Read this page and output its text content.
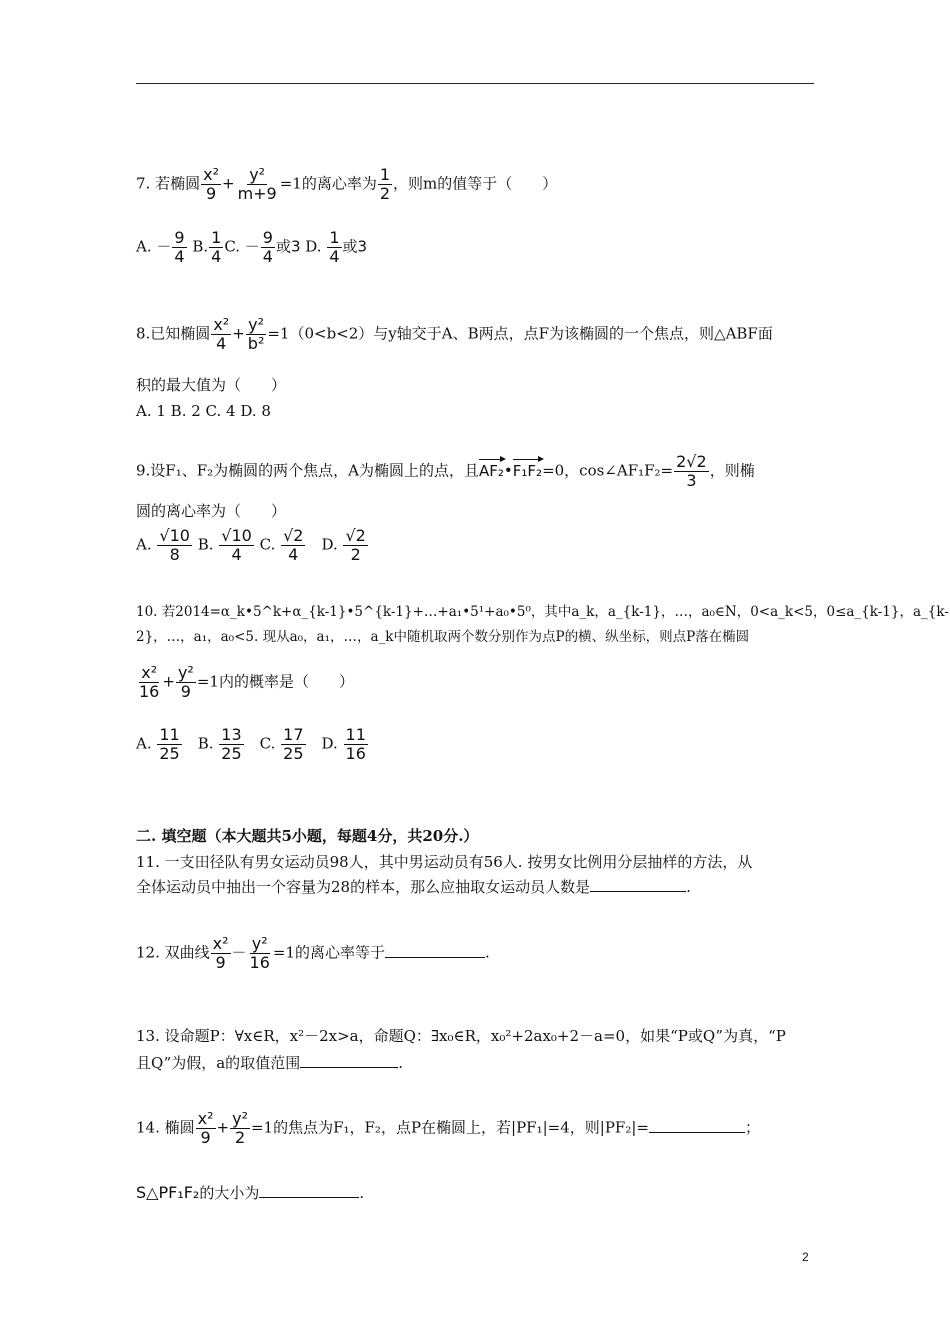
7. 若椭圆 $\frac{\text{x²}}{9} + \frac{\text{y²}}{m+9} =1$的离心率为 $\frac{1}{2}$ ，则m的值等于（　　）
A. － $\frac{9}{4} B$. $\frac{1}{4} C$. － $\frac{9}{4}$ 或3 D. $\frac{1}{4}$ 或3
8.已知椭圆 $\frac{\text{x²}}{4} + \frac{\text{y²}}{\text{b²}} =1(0<b<2)$与y轴交于A、B两点，点F为该椭圆的一个焦点，则△ABF面
积的最大值为（　　）
A. 1 B. 2 C. 4 D. 8
9.设F₁、F₂为椭圆的两个焦点，A为椭圆上的点，且
AF₂•
F₁F₂=0，cos∠AF₁F₂= $\frac{2√2}{3}$ ，则椭
圆的离心率为（　　）
A. $\frac{√10}{8} B$. $\frac{√10}{4} C$. $\frac{√2}{4}$ 　D. $\frac{√2}{2}$
10. 若2014=α_k•5^k+α_{k-1}•5^{k-1}+…+a₁•5¹+a₀•5⁰，其中a_k，a_{k-1}，…，a₀∈N，0<a_k<5，0≤a_{k-1}，a_{k-
2}，…，a₁，a₀<5. 现从a₀，a₁，…，a_k中随机取两个数分别作为点P的横、纵坐标，则点P落在椭圆
$\frac{\text{x²}}{16} + \frac{\text{y²}}{9} =1$内的概率是（　　）
A. $\frac{11}{25}$ 　B. $\frac{13}{25}$ 　C. $\frac{17}{25}$ 　D. $\frac{11}{16}$
二. 填空题（本大题共5小题，每题4分，共20分.）
11. 一支田径队有男女运动员98人，其中男运动员有56人. 按男女比例用分层抽样的方法，从
全体运动员中抽出一个容量为28的样本，那么应抽取女运动员人数是	.
12. 双曲线 $\frac{\text{x²}}{9} - \frac{\text{y²}}{16} =1$的离心率等于	.
13. 设命题P：∀x∈R，x²－2x>a，命题Q：∃x₀∈R，x₀²+2ax₀+2－a=0，如果“P或Q”为真，“P
且Q”为假，a的取值范围	.
14. 椭圆 $\frac{\text{x²}}{9} + \frac{\text{y²}}{2} =1$的焦点为F₁，F₂，点P在椭圆上，若|PF₁|=4，则|PF₂|=	；
S△PF₁F₂的大小为	.
2
